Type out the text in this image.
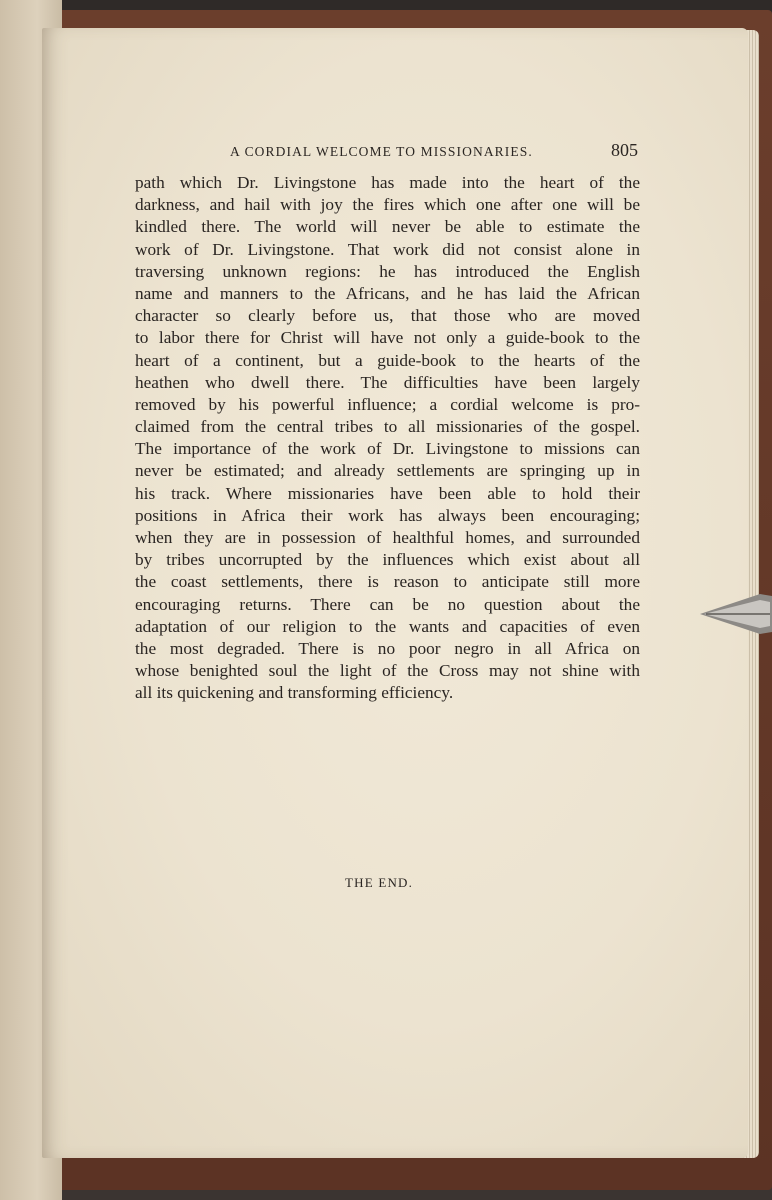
A CORDIAL WELCOME TO MISSIONARIES.	805
path which Dr. Livingstone has made into the heart of the
darkness, and hail with joy the fires which one after one will be
kindled there. The world will never be able to estimate the
work of Dr. Livingstone. That work did not consist alone in
traversing unknown regions: he has introduced the English
name and manners to the Africans, and he has laid the African
character so clearly before us, that those who are moved
to labor there for Christ will have not only a guide-book to the
heart of a continent, but a guide-book to the hearts of the
heathen who dwell there. The difficulties have been largely
removed by his powerful influence; a cordial welcome is pro-
claimed from the central tribes to all missionaries of the gospel.
The importance of the work of Dr. Livingstone to missions can
never be estimated; and already settlements are springing up in
his track. Where missionaries have been able to hold their
positions in Africa their work has always been encouraging;
when they are in possession of healthful homes, and surrounded
by tribes uncorrupted by the influences which exist about all
the coast settlements, there is reason to anticipate still more
encouraging returns. There can be no question about the
adaptation of our religion to the wants and capacities of even
the most degraded. There is no poor negro in all Africa on
whose benighted soul the light of the Cross may not shine with
all its quickening and transforming efficiency.
THE END.
